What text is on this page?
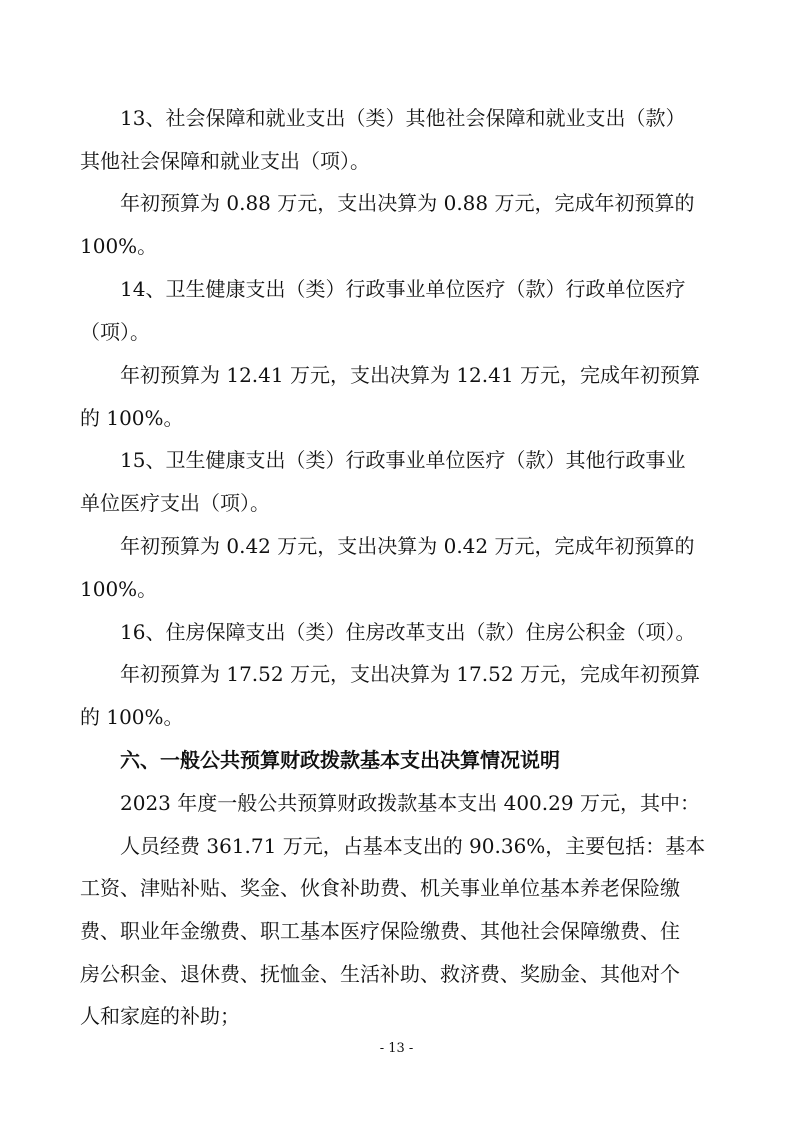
13、社会保障和就业支出（类）其他社会保障和就业支出（款）
其他社会保障和就业支出（项）。
年初预算为 0.88 万元，支出决算为 0.88 万元，完成年初预算的
100%。
14、卫生健康支出（类）行政事业单位医疗（款）行政单位医疗
（项）。
年初预算为 12.41 万元，支出决算为 12.41 万元，完成年初预算
的 100%。
15、卫生健康支出（类）行政事业单位医疗（款）其他行政事业
单位医疗支出（项）。
年初预算为 0.42 万元，支出决算为 0.42 万元，完成年初预算的
100%。
16、住房保障支出（类）住房改革支出（款）住房公积金（项）。
年初预算为 17.52 万元，支出决算为 17.52 万元，完成年初预算
的 100%。
六、一般公共预算财政拨款基本支出决算情况说明
2023 年度一般公共预算财政拨款基本支出 400.29 万元，其中：
人员经费 361.71 万元，占基本支出的 90.36%，主要包括：基本
工资、津贴补贴、奖金、伙食补助费、机关事业单位基本养老保险缴
费、职业年金缴费、职工基本医疗保险缴费、其他社会保障缴费、住
房公积金、退休费、抚恤金、生活补助、救济费、奖励金、其他对个
人和家庭的补助；
- 13 -
